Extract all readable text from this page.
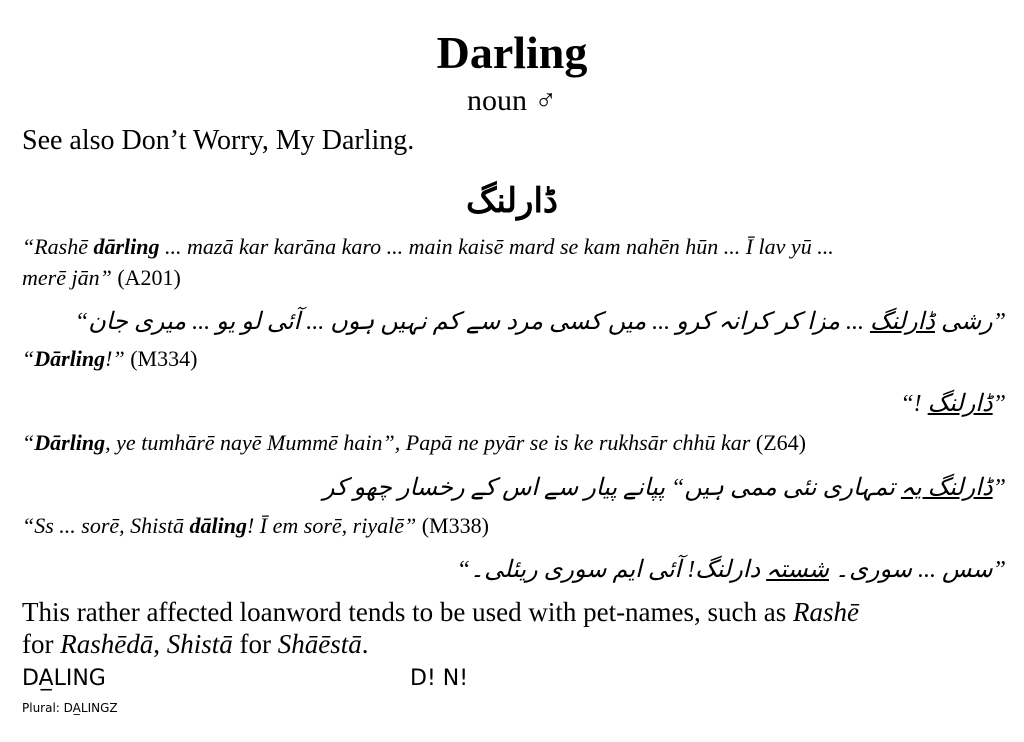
Darling
noun ♂
See also Don’t Worry, My Darling.
ڈارلنگ
“Rashē dārling ... mazā kar karāna karo ... main kaisē mard se kam nahēn hūn ... Ī lav yū ...
merē jān” (A201)
”رشی ڈارلنگ ... مزا کر کرانہ کرو ... میں کسی مرد سے کم نہیں ہوں ... آئی لو یو ... میری جان“
“Dārling!” (M334)
”ڈارلنگ !“
“Dārling, ye tumhārē nayē Mummē hain”, Papā ne pyār se is ke rukhsār chhū kar (Z64)
”ڈارلنگ یہ تمہاری نئی ممی ہیں“ پپانے پیار سے اس کے رخسار چھو کر
“Ss ... sorē, Shistā dāling! Ī em sorē, riyalē” (M338)
”سس ... سوری۔ شستہ دارلنگ! آئی ایم سوری ریئلی۔“
This rather affected loanword tends to be used with pet-names, such as Rashē
for Rashēdā, Shistā for Shāēstā.
DA̲LING	D! N!
Plural: DA̲LINGZ
